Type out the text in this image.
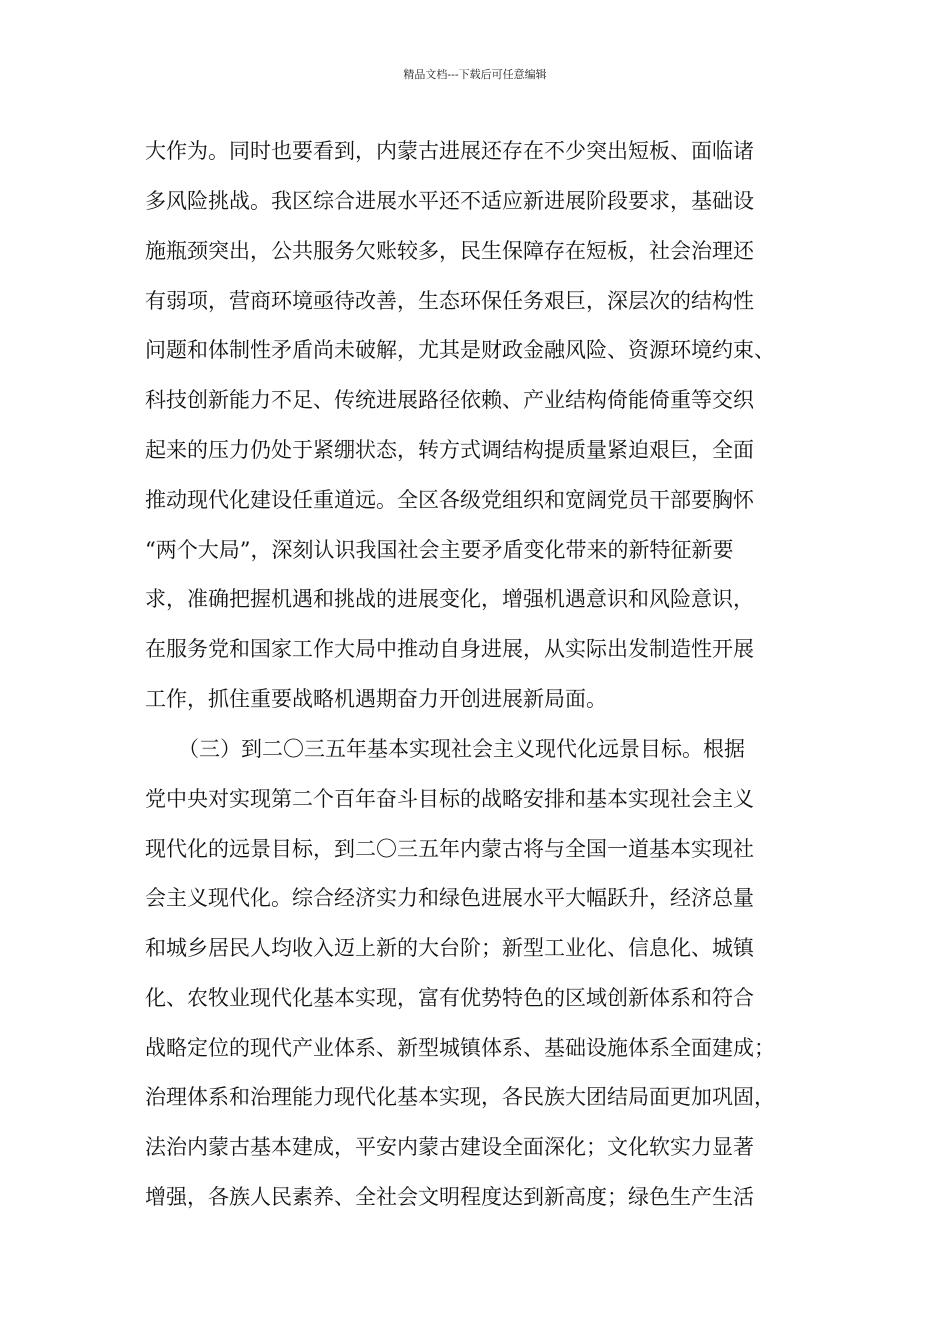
精品文档---下载后可任意编辑
大作为。同时也要看到，内蒙古进展还存在不少突出短板、面临诸
多风险挑战。我区综合进展水平还不适应新进展阶段要求，基础设
施瓶颈突出，公共服务欠账较多，民生保障存在短板，社会治理还
有弱项，营商环境亟待改善，生态环保任务艰巨，深层次的结构性
问题和体制性矛盾尚未破解，尤其是财政金融风险、资源环境约束、
科技创新能力不足、传统进展路径依赖、产业结构倚能倚重等交织
起来的压力仍处于紧绷状态，转方式调结构提质量紧迫艰巨，全面
推动现代化建设任重道远。全区各级党组织和宽阔党员干部要胸怀
“两个大局”，深刻认识我国社会主要矛盾变化带来的新特征新要
求，准确把握机遇和挑战的进展变化，增强机遇意识和风险意识，
在服务党和国家工作大局中推动自身进展，从实际出发制造性开展
工作，抓住重要战略机遇期奋力开创进展新局面。
（三）到二〇三五年基本实现社会主义现代化远景目标。根据
党中央对实现第二个百年奋斗目标的战略安排和基本实现社会主义
现代化的远景目标，到二〇三五年内蒙古将与全国一道基本实现社
会主义现代化。综合经济实力和绿色进展水平大幅跃升，经济总量
和城乡居民人均收入迈上新的大台阶；新型工业化、信息化、城镇
化、农牧业现代化基本实现，富有优势特色的区域创新体系和符合
战略定位的现代产业体系、新型城镇体系、基础设施体系全面建成；
治理体系和治理能力现代化基本实现，各民族大团结局面更加巩固，
法治内蒙古基本建成，平安内蒙古建设全面深化；文化软实力显著
增强，各族人民素养、全社会文明程度达到新高度；绿色生产生活
